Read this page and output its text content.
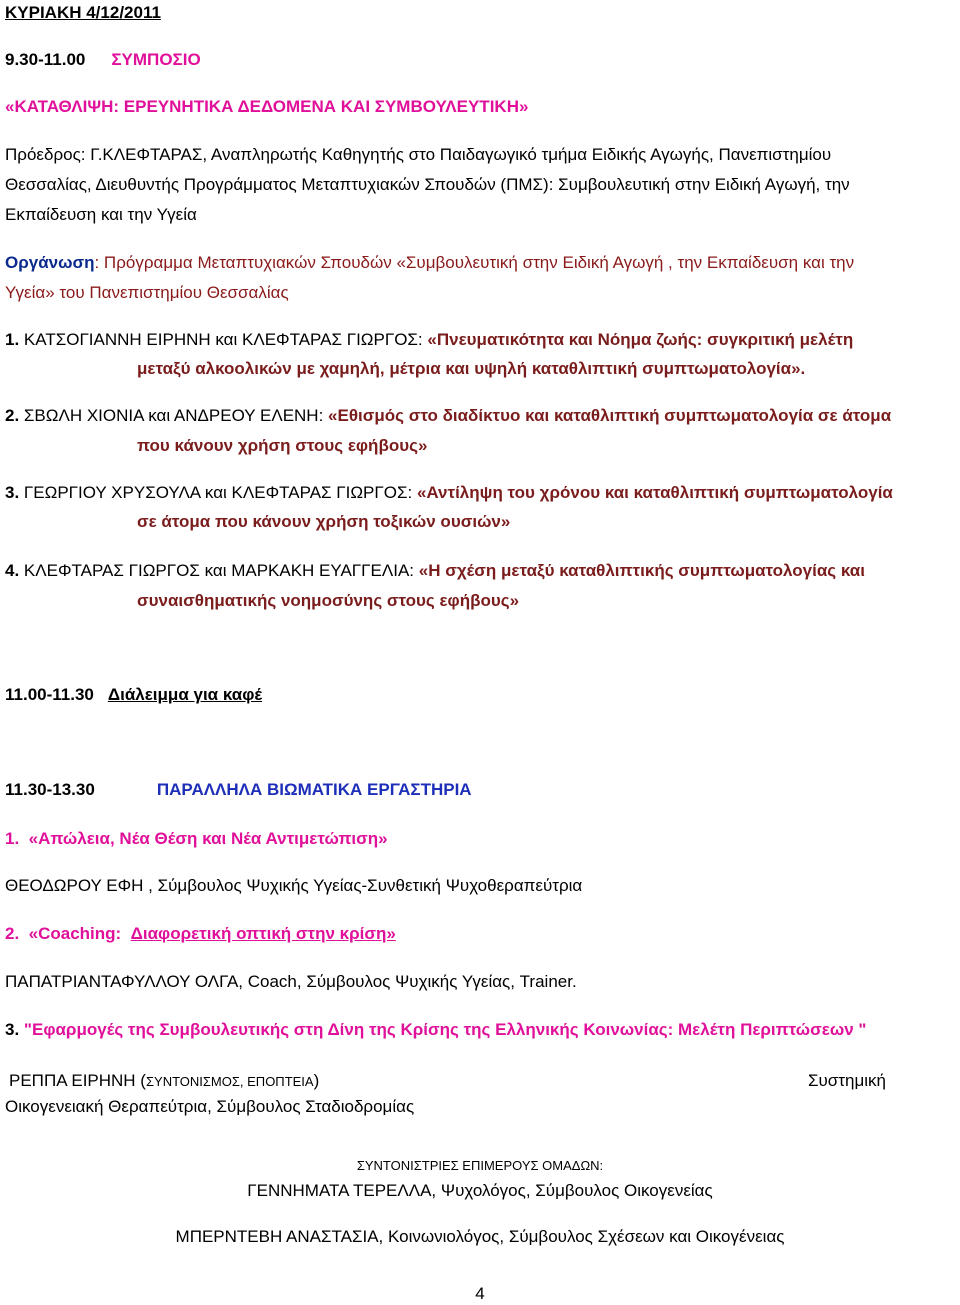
ΚΥΡΙΑΚΗ 4/12/2011
9.30-11.00 ΣΥΜΠΟΣΙΟ
«ΚΑΤΑΘΛΙΨΗ: ΕΡΕΥΝΗΤΙΚΑ ΔΕΔΟΜΕΝΑ ΚΑΙ ΣΥΜΒΟΥΛΕΥΤΙΚΗ»
Πρόεδρος: Γ.ΚΛΕΦΤΑΡΑΣ, Αναπληρωτής Καθηγητής στο Παιδαγωγικό τμήμα Ειδικής Αγωγής, Πανεπιστημίου
Θεσσαλίας, Διευθυντής Προγράμματος Μεταπτυχιακών Σπουδών (ΠΜΣ): Συμβουλευτική στην Ειδική Αγωγή, την
Εκπαίδευση και την Υγεία
Οργάνωση: Πρόγραμμα Μεταπτυχιακών Σπουδών «Συμβουλευτική στην Ειδική Αγωγή , την Εκπαίδευση και την
Υγεία» του Πανεπιστημίου Θεσσαλίας
1. ΚΑΤΣΟΓΙΑΝΝΗ ΕΙΡΗΝΗ και ΚΛΕΦΤΑΡΑΣ ΓΙΩΡΓΟΣ: «Πνευματικότητα και Νόημα ζωής: συγκριτική μελέτη
μεταξύ αλκοολικών με χαμηλή, μέτρια και υψηλή καταθλιπτική συμπτωματολογία».
2. ΣΒΩΛΗ ΧΙΟΝΙΑ και ΑΝΔΡΕΟΥ ΕΛΕΝΗ: «Εθισμός στο διαδίκτυο και καταθλιπτική συμπτωματολογία σε άτομα
που κάνουν χρήση στους εφήβους»
3. ΓΕΩΡΓΙΟΥ ΧΡΥΣΟΥΛΑ και ΚΛΕΦΤΑΡΑΣ ΓΙΩΡΓΟΣ: «Αντίληψη του χρόνου και καταθλιπτική συμπτωματολογία
σε άτομα που κάνουν χρήση τοξικών ουσιών»
4. ΚΛΕΦΤΑΡΑΣ ΓΙΩΡΓΟΣ και ΜΑΡΚΑΚΗ ΕΥΑΓΓΕΛΙΑ: «Η σχέση μεταξύ καταθλιπτικής συμπτωματολογίας και
συναισθηματικής νοημοσύνης στους εφήβους»
11.00-11.30 Διάλειμμα για καφέ
11.30-13.30	ΠΑΡΑΛΛΗΛΑ ΒΙΩΜΑΤΙΚΑ ΕΡΓΑΣΤΗΡΙΑ
1. «Απώλεια, Νέα Θέση και Νέα Αντιμετώπιση»
ΘΕΟΔΩΡΟΥ ΕΦΗ , Σύμβουλος Ψυχικής Υγείας-Συνθετική Ψυχοθεραπεύτρια
2. «Coaching: Διαφορετική οπτική στην κρίση»
ΠΑΠΑΤΡΙΑΝΤΑΦΥΛΛΟΥ ΟΛΓΑ, Coach, Σύμβουλος Ψυχικής Υγείας, Trainer.
3. "Εφαρμογές της Συμβουλευτικής στη Δίνη της Κρίσης της Ελληνικής Κοινωνίας: Μελέτη Περιπτώσεων "
ΡΕΠΠΑ ΕΙΡΗΝΗ (ΣΥΝΤΟΝΙΣΜΟΣ, ΕΠΟΠΤΕΙΑ)	Συστημική
Οικογενειακή Θεραπεύτρια, Σύμβουλος Σταδιοδρομίας
ΣΥΝΤΟΝΙΣΤΡΙΕΣ ΕΠΙΜΕΡΟΥΣ ΟΜΑΔΩΝ:
ΓΕΝΝΗΜΑΤΑ ΤΕΡΕΛΛΑ, Ψυχολόγος, Σύμβουλος Οικογενείας
ΜΠΕΡΝΤΕΒΗ ΑΝΑΣΤΑΣΙΑ, Κοινωνιολόγος, Σύμβουλος Σχέσεων και Οικογένειας
4
